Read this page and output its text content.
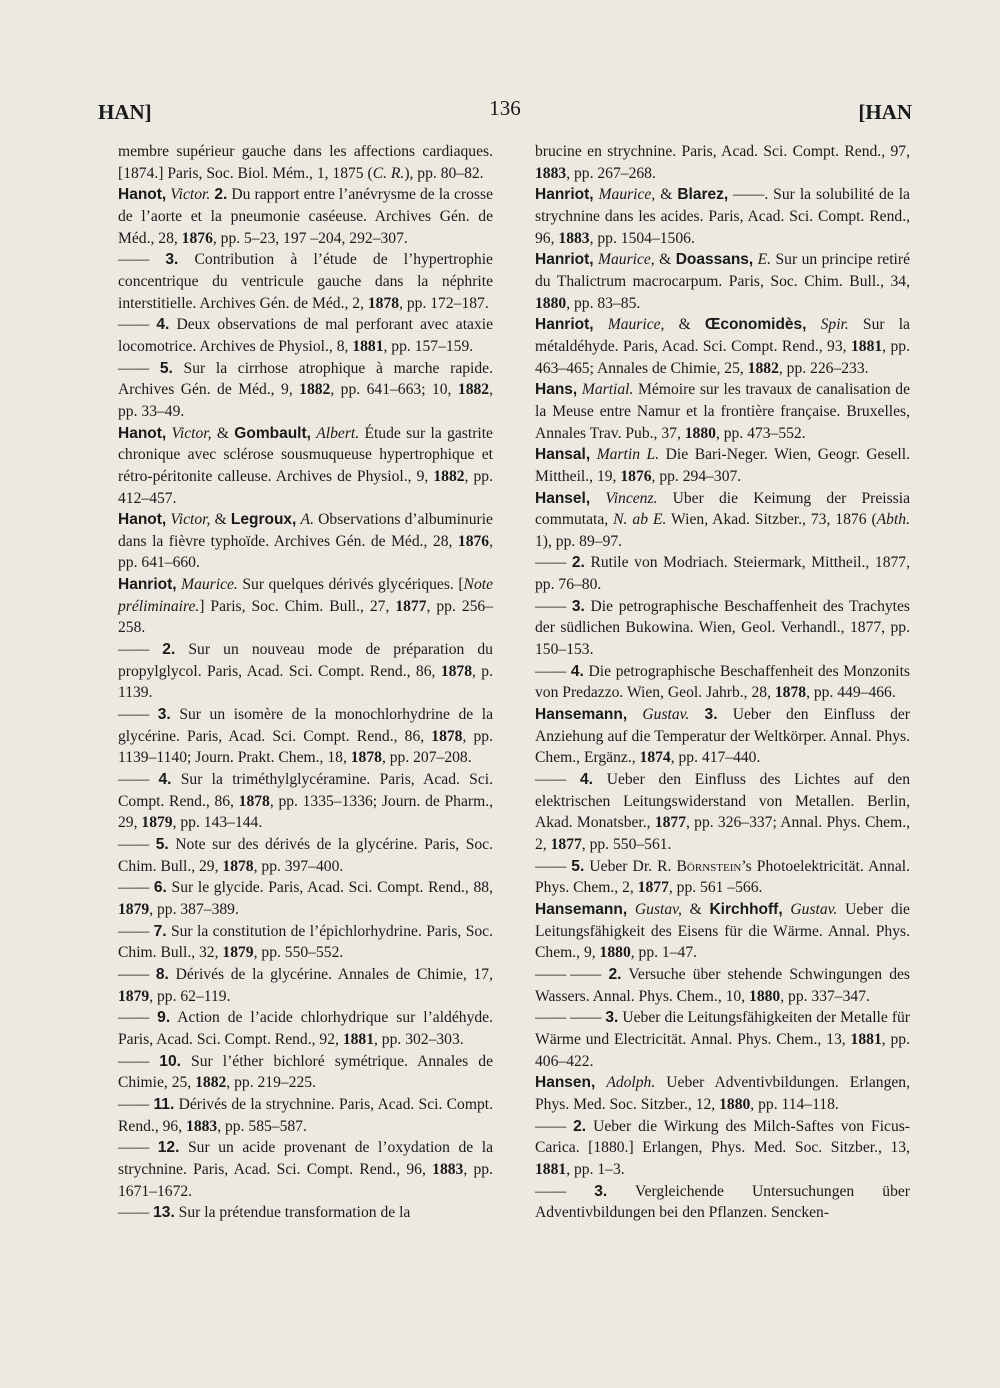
HAN]	136	[HAN

membre supérieur gauche dans les affections cardiaques. [1874.] Paris, Soc. Biol. Mém., 1, 1875 (C. R.), pp. 80–82.

Hanot, Victor. 2. Du rapport entre l’anévrysme de la crosse de l’aorte et la pneumonie caséeuse. Archives Gén. de Méd., 28, 1876, pp. 5–23, 197 –204, 292–307.

—— 3. Contribution à l’étude de l’hypertrophie concentrique du ventricule gauche dans la néphrite interstitielle. Archives Gén. de Méd., 2, 1878, pp. 172–187.

—— 4. Deux observations de mal perforant avec ataxie locomotrice. Archives de Physiol., 8, 1881, pp. 157–159.

—— 5. Sur la cirrhose atrophique à marche rapide. Archives Gén. de Méd., 9, 1882, pp. 641–663; 10, 1882, pp. 33–49.

Hanot, Victor, & Gombault, Albert. Étude sur la gastrite chronique avec sclérose sousmuqueuse hypertrophique et rétro-péritonite calleuse. Archives de Physiol., 9, 1882, pp. 412–457.

Hanot, Victor, & Legroux, A. Observations d’albuminurie dans la fièvre typhoïde. Archives Gén. de Méd., 28, 1876, pp. 641–660.

Hanriot, Maurice. Sur quelques dérivés glycériques. [Note préliminaire.] Paris, Soc. Chim. Bull., 27, 1877, pp. 256–258.

—— 2. Sur un nouveau mode de préparation du propylglycol. Paris, Acad. Sci. Compt. Rend., 86, 1878, p. 1139.

—— 3. Sur un isomère de la monochlorhydrine de la glycérine. Paris, Acad. Sci. Compt. Rend., 86, 1878, pp. 1139–1140; Journ. Prakt. Chem., 18, 1878, pp. 207–208.

—— 4. Sur la triméthylglycéramine. Paris, Acad. Sci. Compt. Rend., 86, 1878, pp. 1335–1336; Journ. de Pharm., 29, 1879, pp. 143–144.

—— 5. Note sur des dérivés de la glycérine. Paris, Soc. Chim. Bull., 29, 1878, pp. 397–400.

—— 6. Sur le glycide. Paris, Acad. Sci. Compt. Rend., 88, 1879, pp. 387–389.

—— 7. Sur la constitution de l’épichlorhydrine. Paris, Soc. Chim. Bull., 32, 1879, pp. 550–552.

—— 8. Dérivés de la glycérine. Annales de Chimie, 17, 1879, pp. 62–119.

—— 9. Action de l’acide chlorhydrique sur l’aldéhyde. Paris, Acad. Sci. Compt. Rend., 92, 1881, pp. 302–303.

—— 10. Sur l’éther bichloré symétrique. Annales de Chimie, 25, 1882, pp. 219–225.

—— 11. Dérivés de la strychnine. Paris, Acad. Sci. Compt. Rend., 96, 1883, pp. 585–587.

—— 12. Sur un acide provenant de l’oxydation de la strychnine. Paris, Acad. Sci. Compt. Rend., 96, 1883, pp. 1671–1672.

—— 13. Sur la prétendue transformation de la

brucine en strychnine. Paris, Acad. Sci. Compt. Rend., 97, 1883, pp. 267–268.

Hanriot, Maurice, & Blarez, ——. Sur la solubilité de la strychnine dans les acides. Paris, Acad. Sci. Compt. Rend., 96, 1883, pp. 1504–1506.

Hanriot, Maurice, & Doassans, E. Sur un principe retiré du Thalictrum macrocarpum. Paris, Soc. Chim. Bull., 34, 1880, pp. 83–85.

Hanriot, Maurice, & Œconomidès, Spir. Sur la métaldéhyde. Paris, Acad. Sci. Compt. Rend., 93, 1881, pp. 463–465; Annales de Chimie, 25, 1882, pp. 226–233.

Hans, Martial. Mémoire sur les travaux de canalisation de la Meuse entre Namur et la frontière française. Bruxelles, Annales Trav. Pub., 37, 1880, pp. 473–552.

Hansal, Martin L. Die Bari-Neger. Wien, Geogr. Gesell. Mittheil., 19, 1876, pp. 294–307.

Hansel, Vincenz. Uber die Keimung der Preissia commutata, N. ab E. Wien, Akad. Sitzber., 73, 1876 (Abth. 1), pp. 89–97.

—— 2. Rutile von Modriach. Steiermark, Mittheil., 1877, pp. 76–80.

—— 3. Die petrographische Beschaffenheit des Trachytes der südlichen Bukowina. Wien, Geol. Verhandl., 1877, pp. 150–153.

—— 4. Die petrographische Beschaffenheit des Monzonits von Predazzo. Wien, Geol. Jahrb., 28, 1878, pp. 449–466.

Hansemann, Gustav. 3. Ueber den Einfluss der Anziehung auf die Temperatur der Weltkörper. Annal. Phys. Chem., Ergänz., 1874, pp. 417–440.

—— 4. Ueber den Einfluss des Lichtes auf den elektrischen Leitungswiderstand von Metallen. Berlin, Akad. Monatsber., 1877, pp. 326–337; Annal. Phys. Chem., 2, 1877, pp. 550–561.

—— 5. Ueber Dr. R. Börnstein’s Photoelektricität. Annal. Phys. Chem., 2, 1877, pp. 561 –566.

Hansemann, Gustav, & Kirchhoff, Gustav. Ueber die Leitungsfähigkeit des Eisens für die Wärme. Annal. Phys. Chem., 9, 1880, pp. 1–47.

—— —— 2. Versuche über stehende Schwingungen des Wassers. Annal. Phys. Chem., 10, 1880, pp. 337–347.

—— —— 3. Ueber die Leitungsfähigkeiten der Metalle für Wärme und Electricität. Annal. Phys. Chem., 13, 1881, pp. 406–422.

Hansen, Adolph. Ueber Adventivbildungen. Erlangen, Phys. Med. Soc. Sitzber., 12, 1880, pp. 114–118.

—— 2. Ueber die Wirkung des Milch-Saftes von Ficus-Carica. [1880.] Erlangen, Phys. Med. Soc. Sitzber., 13, 1881, pp. 1–3.

—— 3. Vergleichende Untersuchungen über Adventivbildungen bei den Pflanzen. Sencken-
